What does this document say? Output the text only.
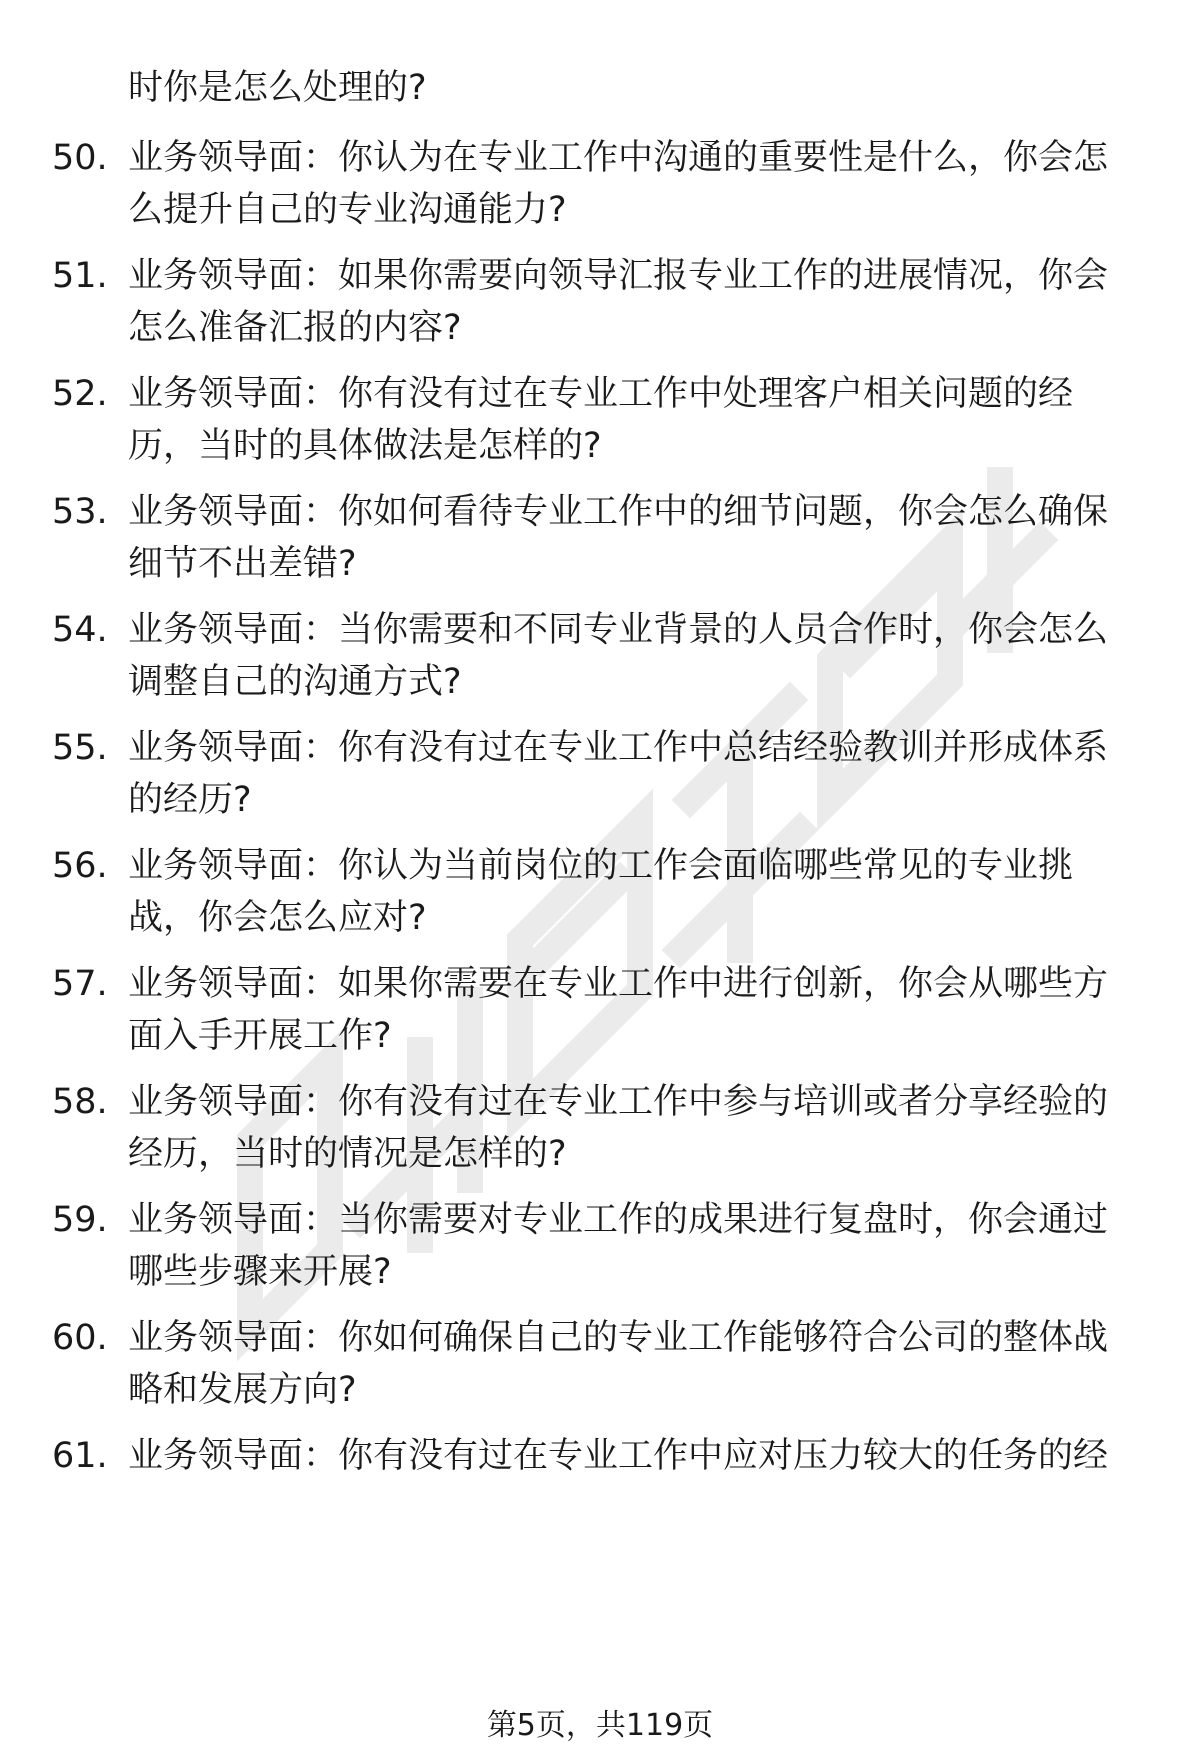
时你是怎么处理的?
50. 业务领导面：你认为在专业工作中沟通的重要性是什么，你会怎
么提升自己的专业沟通能力?
51. 业务领导面：如果你需要向领导汇报专业工作的进展情况，你会
怎么准备汇报的内容?
52. 业务领导面：你有没有过在专业工作中处理客户相关问题的经
历，当时的具体做法是怎样的?
53. 业务领导面：你如何看待专业工作中的细节问题，你会怎么确保
细节不出差错?
54. 业务领导面：当你需要和不同专业背景的人员合作时，你会怎么
调整自己的沟通方式?
55. 业务领导面：你有没有过在专业工作中总结经验教训并形成体系
的经历?
56. 业务领导面：你认为当前岗位的工作会面临哪些常见的专业挑
战，你会怎么应对?
57. 业务领导面：如果你需要在专业工作中进行创新，你会从哪些方
面入手开展工作?
58. 业务领导面：你有没有过在专业工作中参与培训或者分享经验的
经历，当时的情况是怎样的?
59. 业务领导面：当你需要对专业工作的成果进行复盘时，你会通过
哪些步骤来开展?
60. 业务领导面：你如何确保自己的专业工作能够符合公司的整体战
略和发展方向?
61. 业务领导面：你有没有过在专业工作中应对压力较大的任务的经
第5页，共119页
